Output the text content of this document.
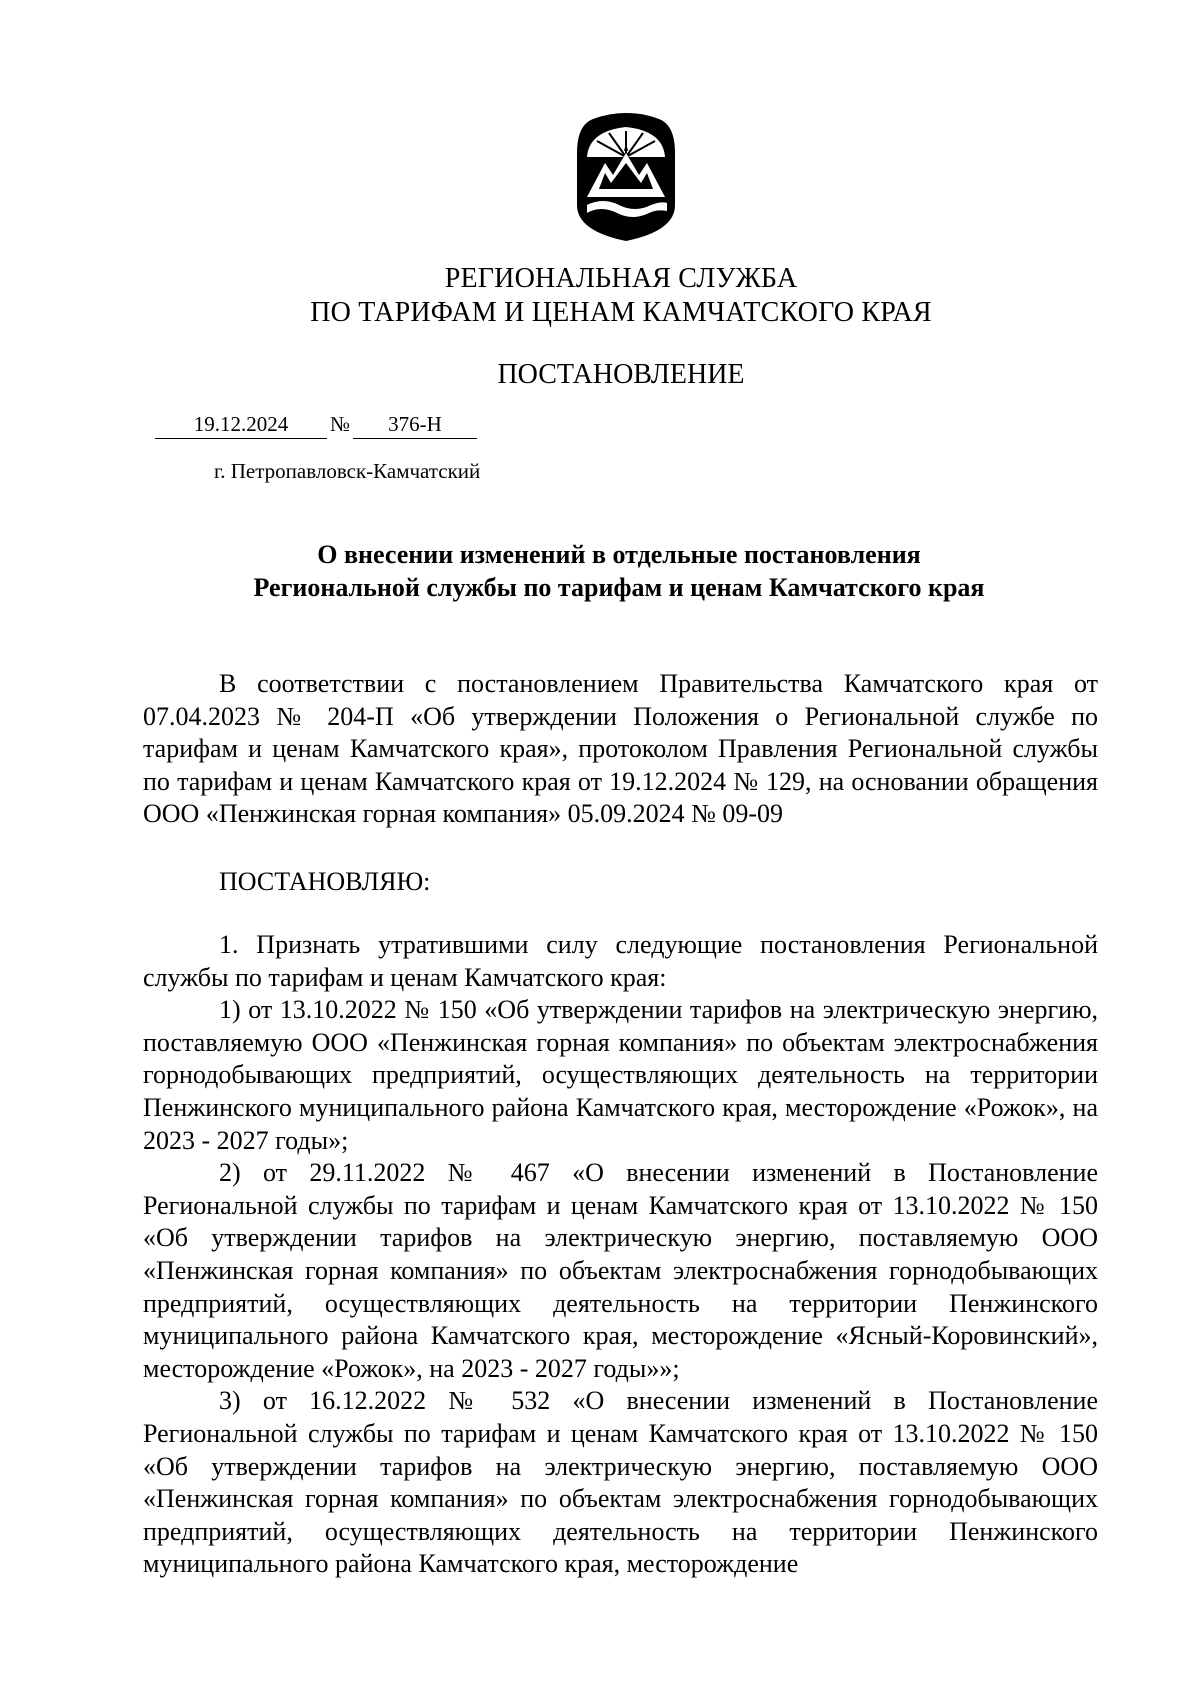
РЕГИОНАЛЬНАЯ СЛУЖБА
ПО ТАРИФАМ И ЦЕНАМ КАМЧАТСКОГО КРАЯ
ПОСТАНОВЛЕНИЕ
19.12.2024 № 376-Н
г. Петропавловск-Камчатский
О внесении изменений в отдельные постановления
Региональной службы по тарифам и ценам Камчатского края

В соответствии с постановлением Правительства Камчатского края от 07.04.2023 № 204-П «Об утверждении Положения о Региональной службе по тарифам и ценам Камчатского края», протоколом Правления Региональной службы по тарифам и ценам Камчатского края от 19.12.2024 № 129, на основании обращения ООО «Пенжинская горная компания» 05.09.2024 № 09-09

ПОСТАНОВЛЯЮ:

1. Признать утратившими силу следующие постановления Региональной службы по тарифам и ценам Камчатского края:

1) от 13.10.2022 № 150 «Об утверждении тарифов на электрическую энергию, поставляемую ООО «Пенжинская горная компания» по объектам электроснабжения горнодобывающих предприятий, осуществляющих деятельность на территории Пенжинского муниципального района Камчатского края, месторождение «Рожок», на 2023 - 2027 годы»;

2) от 29.11.2022 № 467 «О внесении изменений в Постановление Региональной службы по тарифам и ценам Камчатского края от 13.10.2022 № 150 «Об утверждении тарифов на электрическую энергию, поставляемую ООО «Пенжинская горная компания» по объектам электроснабжения горнодобывающих предприятий, осуществляющих деятельность на территории Пенжинского муниципального района Камчатского края, месторождение «Ясный-Коровинский», месторождение «Рожок», на 2023 - 2027 годы»»;

3) от 16.12.2022 № 532 «О внесении изменений в Постановление Региональной службы по тарифам и ценам Камчатского края от 13.10.2022 № 150 «Об утверждении тарифов на электрическую энергию, поставляемую ООО «Пенжинская горная компания» по объектам электроснабжения горнодобывающих предприятий, осуществляющих деятельность на территории Пенжинского муниципального района Камчатского края, месторождение
